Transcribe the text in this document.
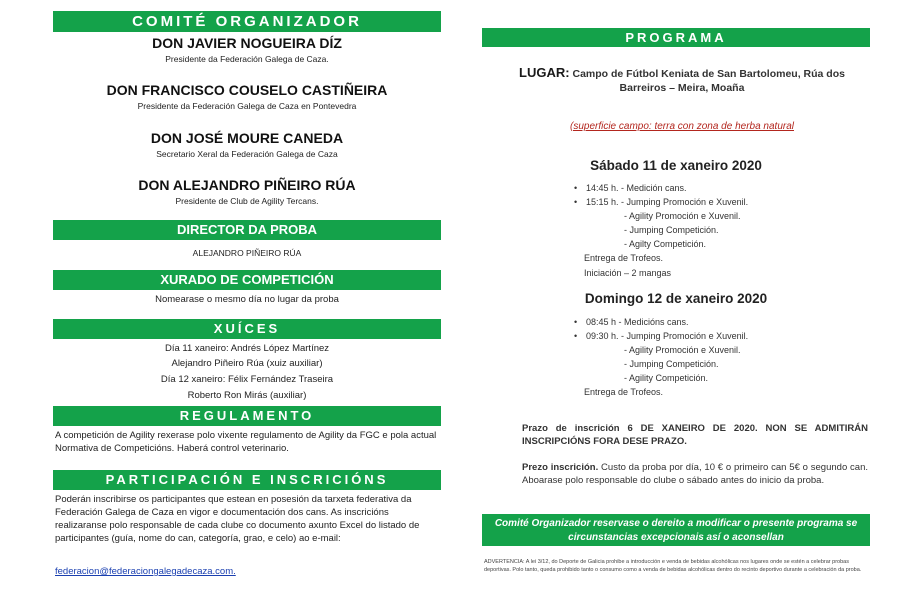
COMITÉ ORGANIZADOR
DON JAVIER NOGUEIRA DÍZ
Presidente da Federación Galega de Caza.
DON FRANCISCO COUSELO CASTIÑEIRA
Presidente da Federación Galega de Caza en Pontevedra
DON JOSÉ MOURE CANEDA
Secretario Xeral da Federación Galega de Caza
DON ALEJANDRO PIÑEIRO RÚA
Presidente de Club de Agility Tercans.
DIRECTOR DA PROBA
ALEJANDRO PIÑEIRO RÚA
XURADO DE COMPETICIÓN
Nomearase o mesmo día no lugar da proba
XUÍCES
Día 11 xaneiro: Andrés López Martínez
Alejandro Piñeiro Rúa (xuiz auxiliar)
Día 12 xaneiro: Félix Fernández Traseira
Roberto Ron Mirás (auxiliar)
REGULAMENTO
A competición de Agility rexerase polo vixente regulamento de Agility da FGC e pola actual Normativa de Competicións. Haberá control veterinario.
PARTICIPACIÓN E INSCRICIÓNS
Poderán inscribirse os participantes que estean en posesión da tarxeta federativa da Federación Galega de Caza en vigor e documentación dos cans. As inscricións realizaranse polo responsable de cada clube co documento axunto Excel do listado de participantes (guía, nome do can, categoría, grao, e celo) ao e-mail:
federacion@federaciongalegadecaza.com.
PROGRAMA
LUGAR: Campo de Fútbol Keniata de San Bartolomeu, Rúa dos Barreiros – Meira, Moaña
(superficie campo: terra con zona de herba natural
Sábado 11 de xaneiro 2020
• 14:45 h. - Medición cans.
• 15:15 h. - Jumping Promoción e Xuvenil.
- Agility Promoción e Xuvenil.
- Jumping Competición.
- Agilty Competición.
Entrega de Trofeos.
Iniciación – 2 mangas
Domingo 12 de xaneiro 2020
• 08:45 h - Medicións cans.
• 09:30 h. - Jumping Promoción e Xuvenil.
- Agility Promoción e Xuvenil.
- Jumping Competición.
- Agility Competición.
Entrega de Trofeos.
Prazo de inscrición 6 DE XANEIRO DE 2020. NON SE ADMITIRÁN INSCRIPCIÓNS FORA DESE PRAZO.
Prezo inscrición. Custo da proba por día, 10 € o primeiro can 5€ o segundo can. Aboarase polo responsable do clube o sábado antes do inicio da proba.
Comité Organizador reservase o dereito a modificar o presente programa se circunstancias excepcionais así o aconsellan
ADVERTENCIA: A lei 3/12, do Deporte de Galicia prohibe a introducción e venda de bebidas alcohólicas nos lugares onde se estén a celebrar probas deportivas. Polo tanto, queda prohibido tanto o consumo como a venda de bebidas alcohólicas dentro do recinto deportivo durante a celebración da proba.
